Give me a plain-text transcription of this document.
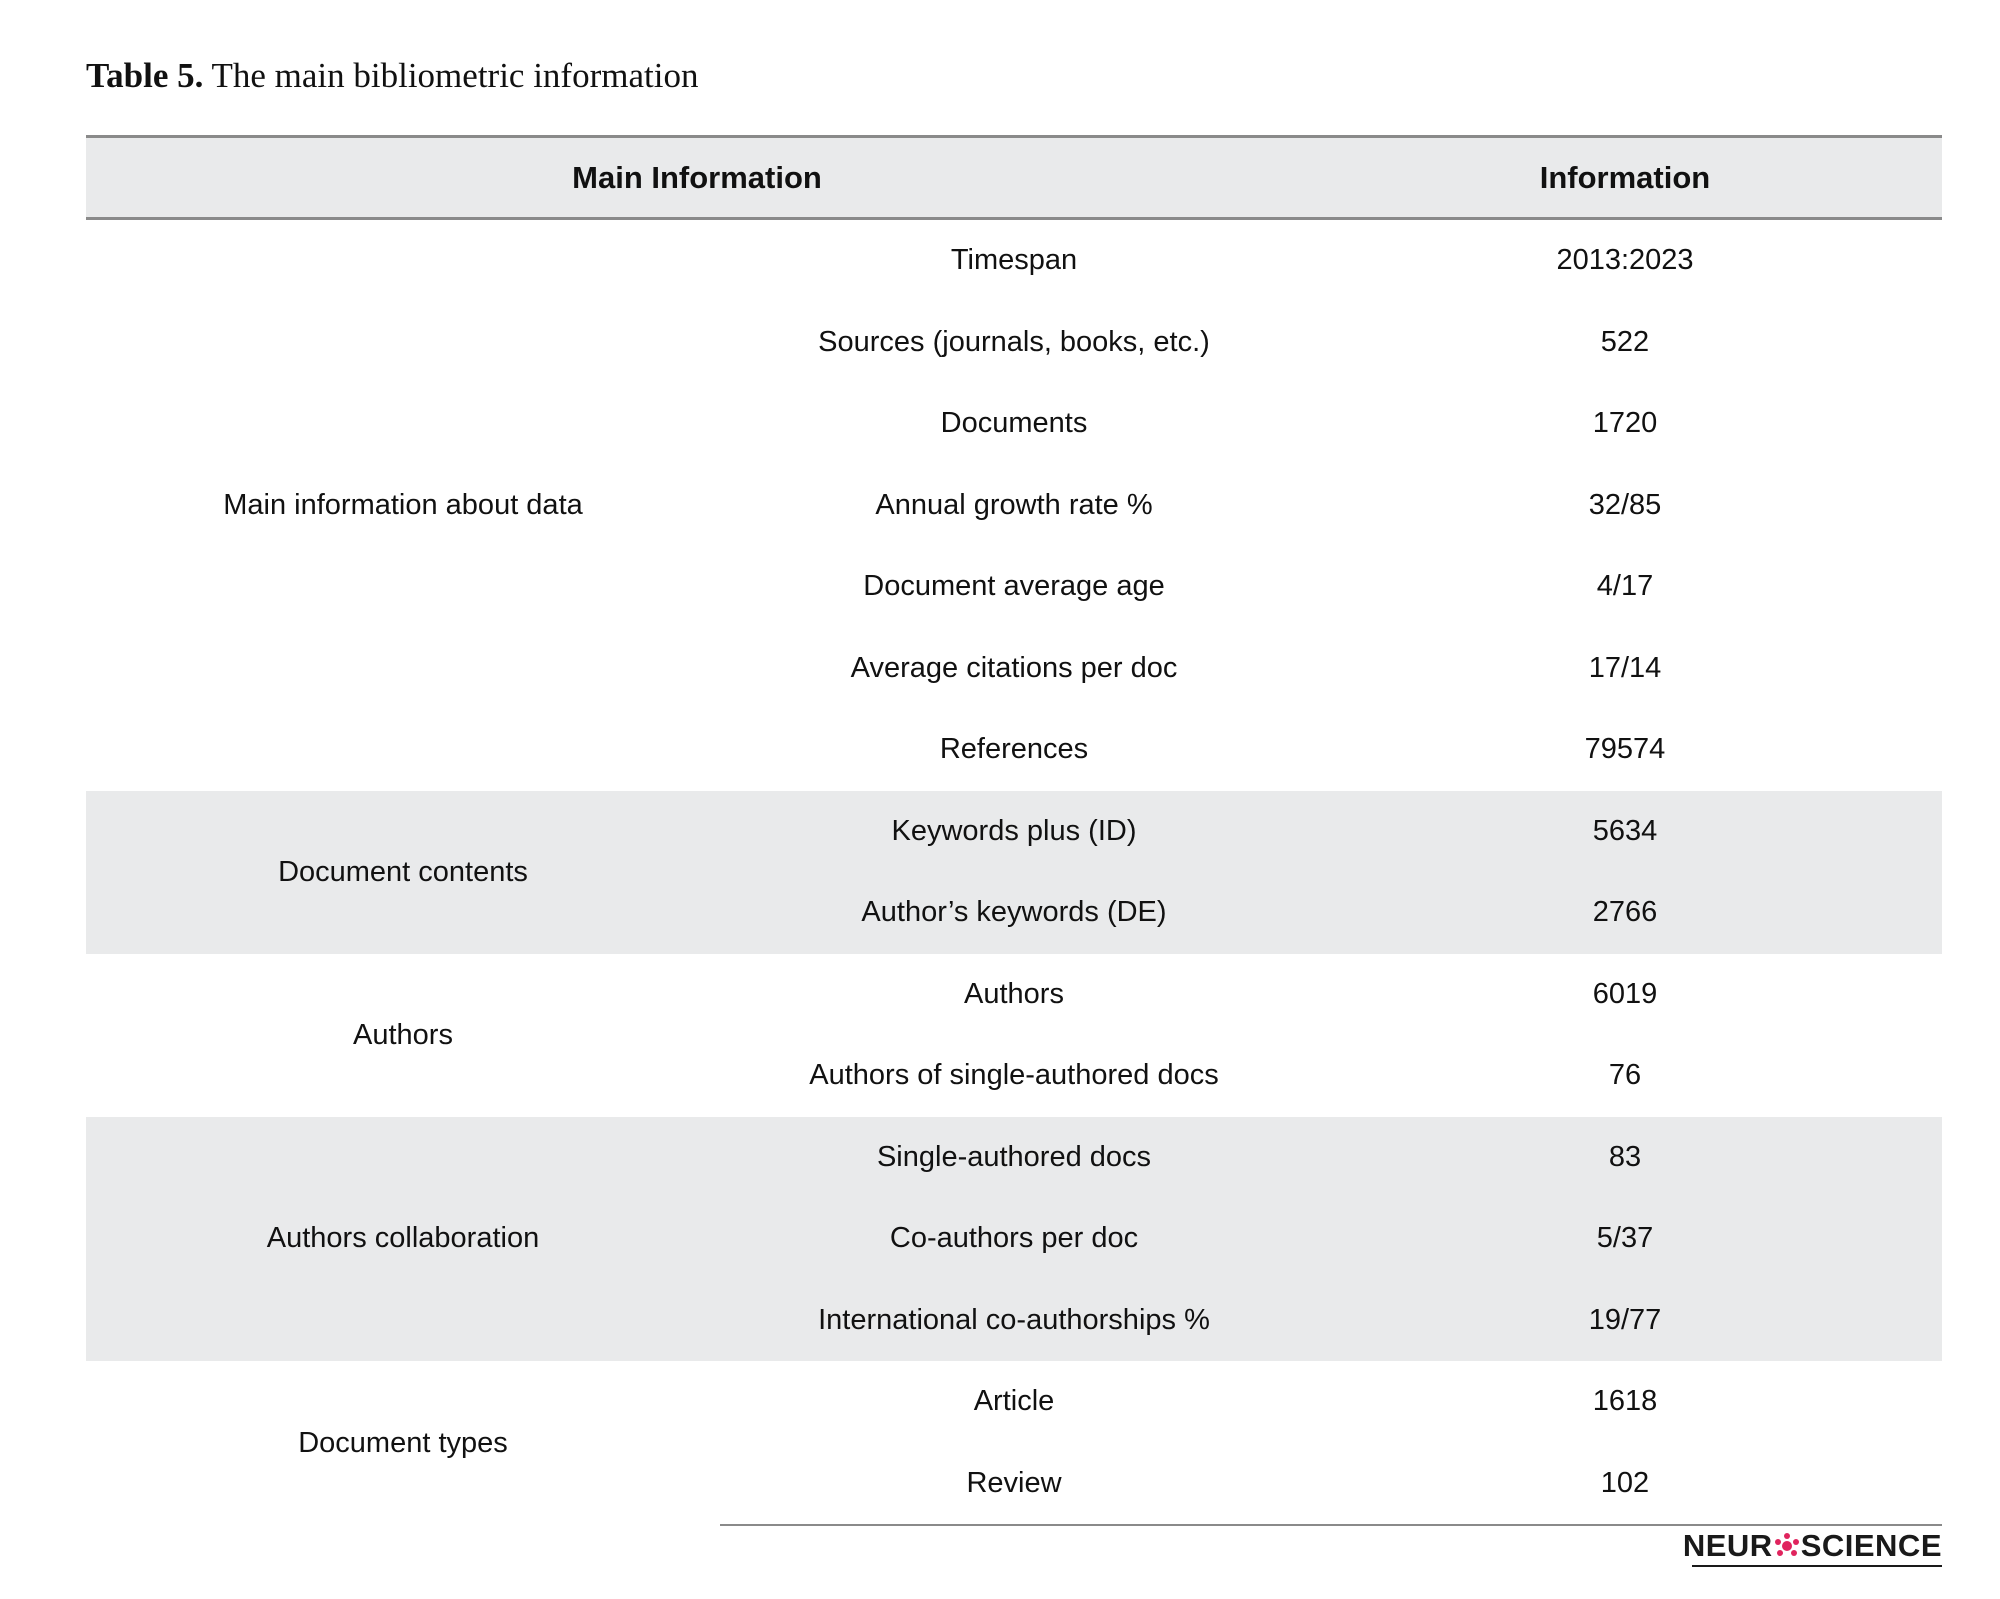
Table 5. The main bibliometric information
Main Information		Information
Main information about data	Timespan	2013:2023
	Sources (journals, books, etc.)	522
	Documents	1720
	Annual growth rate %	32/85
	Document average age	4/17
	Average citations per doc	17/14
	References	79574
Document contents	Keywords plus (ID)	5634
	Author’s keywords (DE)	2766
Authors	Authors	6019
	Authors of single-authored docs	76
Authors collaboration	Single-authored docs	83
	Co-authors per doc	5/37
	International co-authorships %	19/77
Document types	Article	1618
	Review	102
NEUR SCIENCE
